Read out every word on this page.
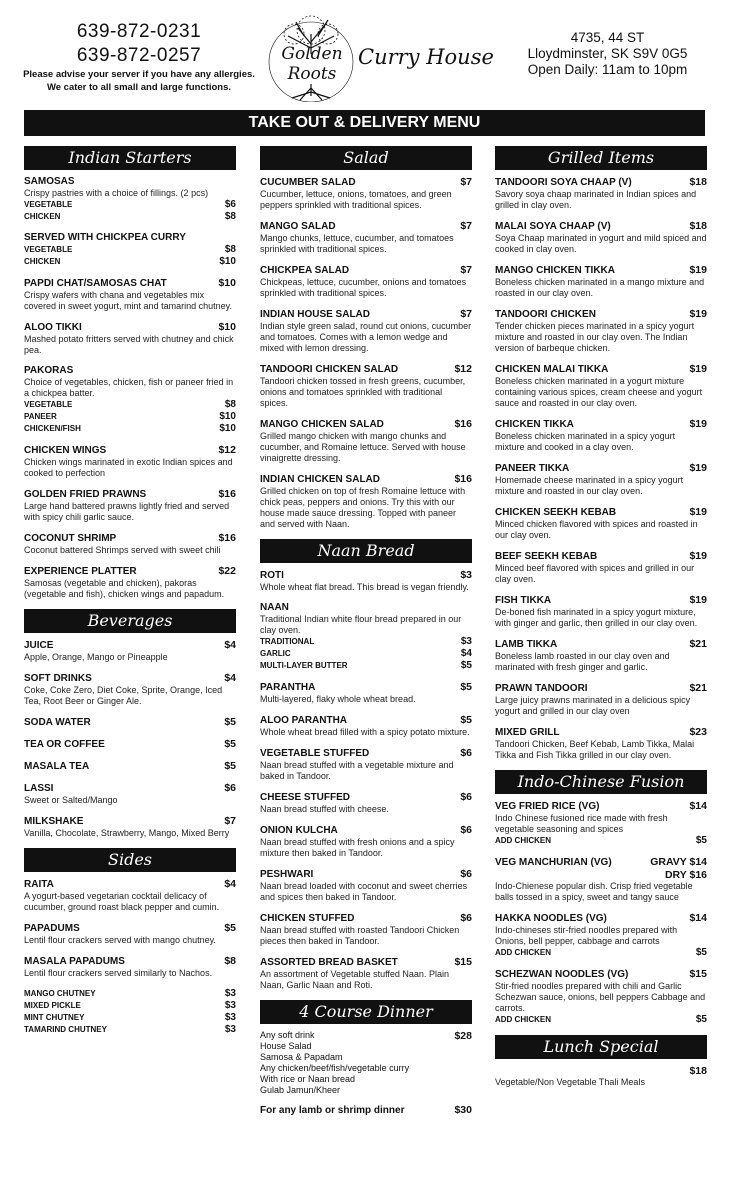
639-872-0231
639-872-0257
Please advise your server if you have any allergies.
We cater to all small and large functions.
Golden
Roots
Curry House
4735, 44 ST
Lloydminster, SK S9V 0G5
Open Daily: 11am to 10pm
TAKE OUT & DELIVERY MENU
Indian Starters
SAMOSAS
Crispy pastries with a choice of fillings. (2 pcs)
VEGETABLE	$6
CHICKEN	$8
SERVED WITH CHICKPEA CURRY
VEGETABLE	$8
CHICKEN	$10
PAPDI CHAT/SAMOSAS CHAT	$10
Crispy wafers with chana and vegetables mix covered in sweet yogurt, mint and tamarind chutney.
ALOO TIKKI	$10
Mashed potato fritters served with chutney and chick pea.
PAKORAS
Choice of vegetables, chicken, fish or paneer fried in a chickpea batter.
VEGETABLE	$8
PANEER	$10
CHICKEN/FISH	$10
CHICKEN WINGS	$12
Chicken wings marinated in exotic Indian spices and cooked to perfection
GOLDEN FRIED PRAWNS	$16
Large hand battered prawns lightly fried and served with spicy chili garlic sauce.
COCONUT SHRIMP	$16
Coconut battered Shrimps served with sweet chili
EXPERIENCE PLATTER	$22
Samosas (vegetable and chicken), pakoras (vegetable and fish), chicken wings and papadum.
Beverages
JUICE	$4
Apple, Orange, Mango or Pineapple
SOFT DRINKS	$4
Coke, Coke Zero, Diet Coke, Sprite, Orange, Iced Tea, Root Beer or Ginger Ale.
SODA WATER	$5
TEA OR COFFEE	$5
MASALA TEA	$5
LASSI	$6
Sweet or Salted/Mango
MILKSHAKE	$7
Vanilla, Chocolate, Strawberry, Mango, Mixed Berry
Sides
RAITA	$4
A yogurt-based vegetarian cocktail delicacy of cucumber, ground roast black pepper and cumin.
PAPADUMS	$5
Lentil flour crackers served with mango chutney.
MASALA PAPADUMS	$8
Lentil flour crackers served similarly to Nachos.
MANGO CHUTNEY	$3
MIXED PICKLE	$3
MINT CHUTNEY	$3
TAMARIND CHUTNEY	$3
Salad
CUCUMBER SALAD	$7
Cucumber, lettuce, onions, tomatoes, and green peppers sprinkled with traditional spices.
MANGO SALAD	$7
Mango chunks, lettuce, cucumber, and tomatoes sprinkled with traditional spices.
CHICKPEA SALAD	$7
Chickpeas, lettuce, cucumber, onions and tomatoes sprinkled with traditional spices.
INDIAN HOUSE SALAD	$7
Indian style green salad, round cut onions, cucumber and tomatoes. Comes with a lemon wedge and mixed with lemon dressing.
TANDOORI CHICKEN SALAD	$12
Tandoori chicken tossed in fresh greens, cucumber, onions and tomatoes sprinkled with traditional spices.
MANGO CHICKEN SALAD	$16
Grilled mango chicken with mango chunks and cucumber, and Romaine lettuce. Served with house vinaigrette dressing.
INDIAN CHICKEN SALAD	$16
Grilled chicken on top of fresh Romaine lettuce with chick peas, peppers and onions. Try this with our house made sauce dressing. Topped with paneer and served with Naan.
Naan Bread
ROTI	$3
Whole wheat flat bread. This bread is vegan friendly.
NAAN
Traditional Indian white flour bread prepared in our clay oven.
TRADITIONAL	$3
GARLIC	$4
MULTI-LAYER BUTTER	$5
PARANTHA	$5
Multi-layered, flaky whole wheat bread.
ALOO PARANTHA	$5
Whole wheat bread filled with a spicy potato mixture.
VEGETABLE STUFFED	$6
Naan bread stuffed with a vegetable mixture and baked in Tandoor.
CHEESE STUFFED	$6
Naan bread stuffed with cheese.
ONION KULCHA	$6
Naan bread stuffed with fresh onions and a spicy mixture then baked in Tandoor.
PESHWARI	$6
Naan bread loaded with coconut and sweet cherries and spices then baked in Tandoor.
CHICKEN STUFFED	$6
Naan bread stuffed with roasted Tandoori Chicken pieces then baked in Tandoor.
ASSORTED BREAD BASKET	$15
An assortment of Vegetable stuffed Naan. Plain Naan, Garlic Naan and Roti.
4 Course Dinner
Any soft drink
House Salad
Samosa & Papadam
Any chicken/beef/fish/vegetable curry
With rice or Naan bread
Gulab Jamun/Kheer
$28
For any lamb or shrimp dinner	$30
Grilled Items
TANDOORI SOYA CHAAP (V)	$18
Savory soya chaap marinated in Indian spices and grilled in clay oven.
MALAI SOYA CHAAP (V)	$18
Soya Chaap marinated in yogurt and mild spiced and cooked in clay oven.
MANGO CHICKEN TIKKA	$19
Boneless chicken marinated in a mango mixture and roasted in our clay oven.
TANDOORI CHICKEN	$19
Tender chicken pieces marinated in a spicy yogurt mixture and roasted in our clay oven. The Indian version of barbeque chicken.
CHICKEN MALAI TIKKA	$19
Boneless chicken marinated in a yogurt mixture containing various spices, cream cheese and yogurt sauce and roasted in our clay oven.
CHICKEN TIKKA	$19
Boneless chicken marinated in a spicy yogurt mixture and cooked in a clay oven.
PANEER TIKKA	$19
Homemade cheese marinated in a spicy yogurt mixture and roasted in our clay oven.
CHICKEN SEEKH KEBAB	$19
Minced chicken flavored with spices and roasted in our clay oven.
BEEF SEEKH KEBAB	$19
Minced beef flavored with spices and grilled in our clay oven.
FISH TIKKA	$19
De-boned fish marinated in a spicy yogurt mixture, with ginger and garlic, then grilled in our clay oven.
LAMB TIKKA	$21
Boneless lamb roasted in our clay oven and marinated with fresh ginger and garlic.
PRAWN TANDOORI	$21
Large juicy prawns marinated in a delicious spicy yogurt and grilled in our clay oven
MIXED GRILL	$23
Tandoori Chicken, Beef Kebab, Lamb Tikka, Malai Tikka and Fish Tikka grilled in our clay oven.
Indo-Chinese Fusion
VEG FRIED RICE (VG)	$14
Indo Chinese fusioned rice made with fresh vegetable seasoning and spices
ADD CHICKEN	$5
VEG MANCHURIAN (VG)	GRAVY $14
DRY $16
Indo-Chienese popular dish. Crisp fried vegetable balls tossed in a spicy, sweet and tangy sauce
HAKKA NOODLES (VG)	$14
Indo-chineses stir-fried noodles prepared with Onions, bell pepper, cabbage and carrots
ADD CHICKEN	$5
SCHEZWAN NOODLES (VG)	$15
Stir-fried noodles prepared with chili and Garlic Schezwan sauce, onions, bell peppers Cabbage and carrots.
ADD CHICKEN	$5
Lunch Special
$18
Vegetable/Non Vegetable Thali Meals
